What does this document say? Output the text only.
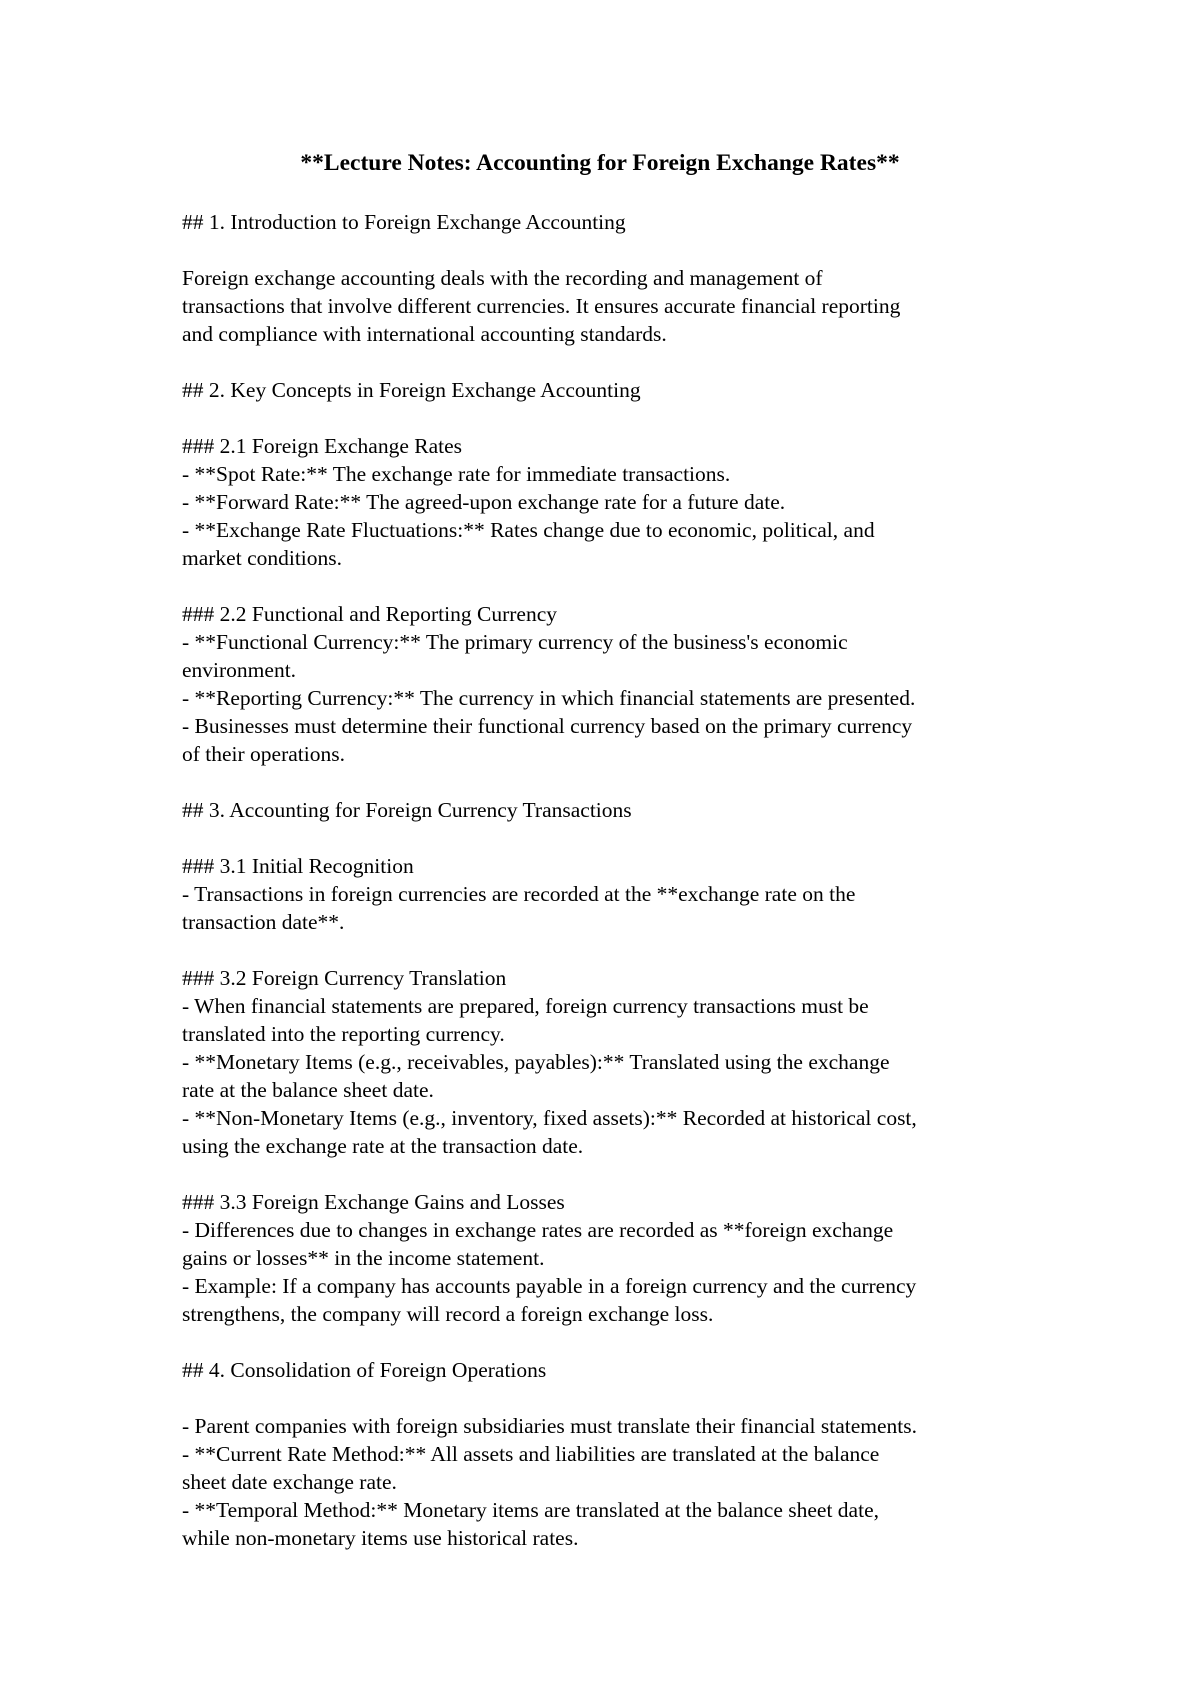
**Lecture Notes: Accounting for Foreign Exchange Rates**
## 1. Introduction to Foreign Exchange Accounting
Foreign exchange accounting deals with the recording and management of
transactions that involve different currencies. It ensures accurate financial reporting
and compliance with international accounting standards.
## 2. Key Concepts in Foreign Exchange Accounting
### 2.1 Foreign Exchange Rates
- **Spot Rate:** The exchange rate for immediate transactions.
- **Forward Rate:** The agreed-upon exchange rate for a future date.
- **Exchange Rate Fluctuations:** Rates change due to economic, political, and
market conditions.
### 2.2 Functional and Reporting Currency
- **Functional Currency:** The primary currency of the business's economic
environment.
- **Reporting Currency:** The currency in which financial statements are presented.
- Businesses must determine their functional currency based on the primary currency
of their operations.
## 3. Accounting for Foreign Currency Transactions
### 3.1 Initial Recognition
- Transactions in foreign currencies are recorded at the **exchange rate on the
transaction date**.
### 3.2 Foreign Currency Translation
- When financial statements are prepared, foreign currency transactions must be
translated into the reporting currency.
- **Monetary Items (e.g., receivables, payables):** Translated using the exchange
rate at the balance sheet date.
- **Non-Monetary Items (e.g., inventory, fixed assets):** Recorded at historical cost,
using the exchange rate at the transaction date.
### 3.3 Foreign Exchange Gains and Losses
- Differences due to changes in exchange rates are recorded as **foreign exchange
gains or losses** in the income statement.
- Example: If a company has accounts payable in a foreign currency and the currency
strengthens, the company will record a foreign exchange loss.
## 4. Consolidation of Foreign Operations
- Parent companies with foreign subsidiaries must translate their financial statements.
- **Current Rate Method:** All assets and liabilities are translated at the balance
sheet date exchange rate.
- **Temporal Method:** Monetary items are translated at the balance sheet date,
while non-monetary items use historical rates.
